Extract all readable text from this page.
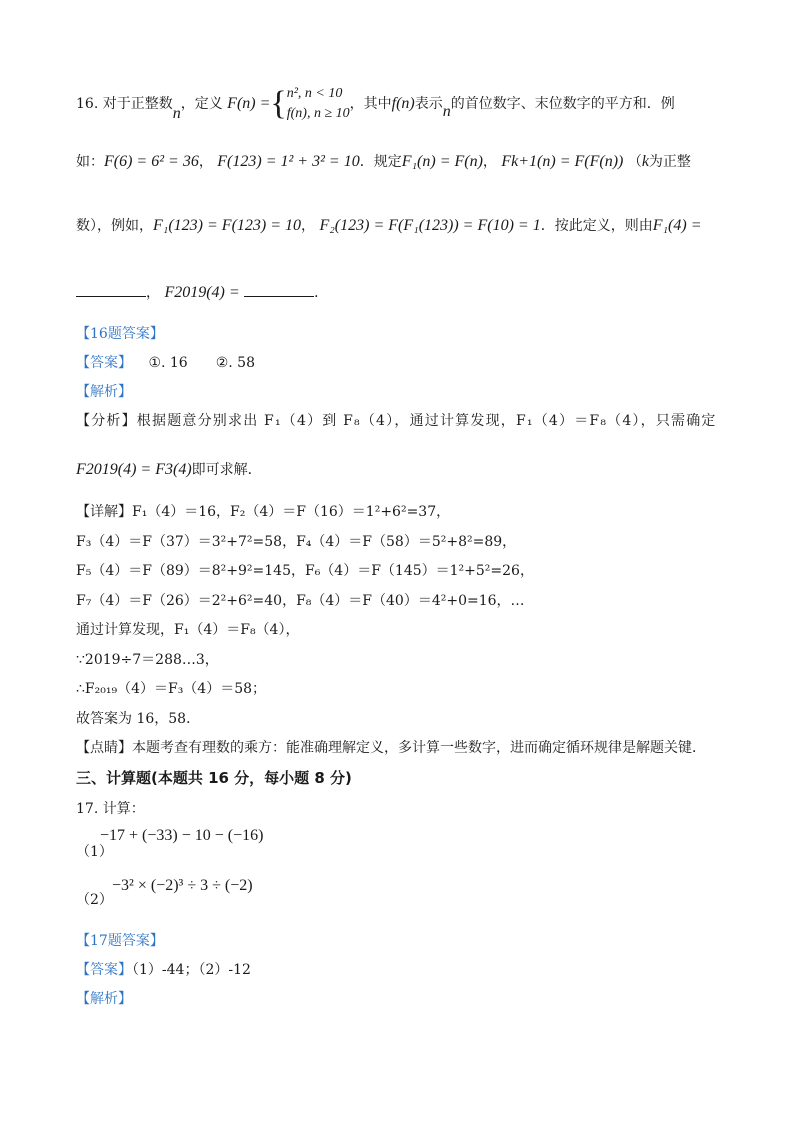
16. 对于正整数n，定义 F(n) ={n², n < 10
f(n), n ≥ 10，其中f(n)表示n的首位数字、末位数字的平方和．例
如：F(6) = 6² = 36， F(123) = 1² + 3² = 10．规定F₁(n) = F(n)， Fk+1(n) = F(F(n)) （k为正整
数），例如，F₁(123) = F(123) = 10， F₂(123) = F(F₁(123)) = F(10) = 1．按此定义，则由F₁(4) =
， F2019(4) =	．
【16题答案】
【答案】 ①. 16　　②. 58
【解析】
【分析】根据题意分别求出 F₁（4）到 F₈（4），通过计算发现，F₁（4）＝F₈（4），只需确定
F2019(4) = F3(4)即可求解．
【详解】F₁（4）＝16，F₂（4）＝F（16）＝1²+6²=37，
F₃（4）＝F（37）＝3²+7²=58，F₄（4）＝F（58）＝5²+8²=89，
F₅（4）＝F（89）＝8²+9²=145，F₆（4）＝F（145）＝1²+5²=26，
F₇（4）＝F（26）＝2²+6²=40，F₈（4）＝F（40）＝4²+0=16，…
通过计算发现，F₁（4）＝F₈（4），
∵2019÷7＝288…3，
∴F₂₀₁₉（4）＝F₃（4）＝58；
故答案为 16，58．
【点睛】本题考查有理数的乘方：能准确理解定义，多计算一些数字，进而确定循环规律是解题关键．
三、计算题(本题共 16 分，每小题 8 分)
17. 计算：
−17 + (−33) − 10 − (−16)
（1）
−3² × (−2)³ ÷ 3 ÷ (−2)
（2）
【17题答案】
【答案】（1）-44；（2）-12
【解析】
